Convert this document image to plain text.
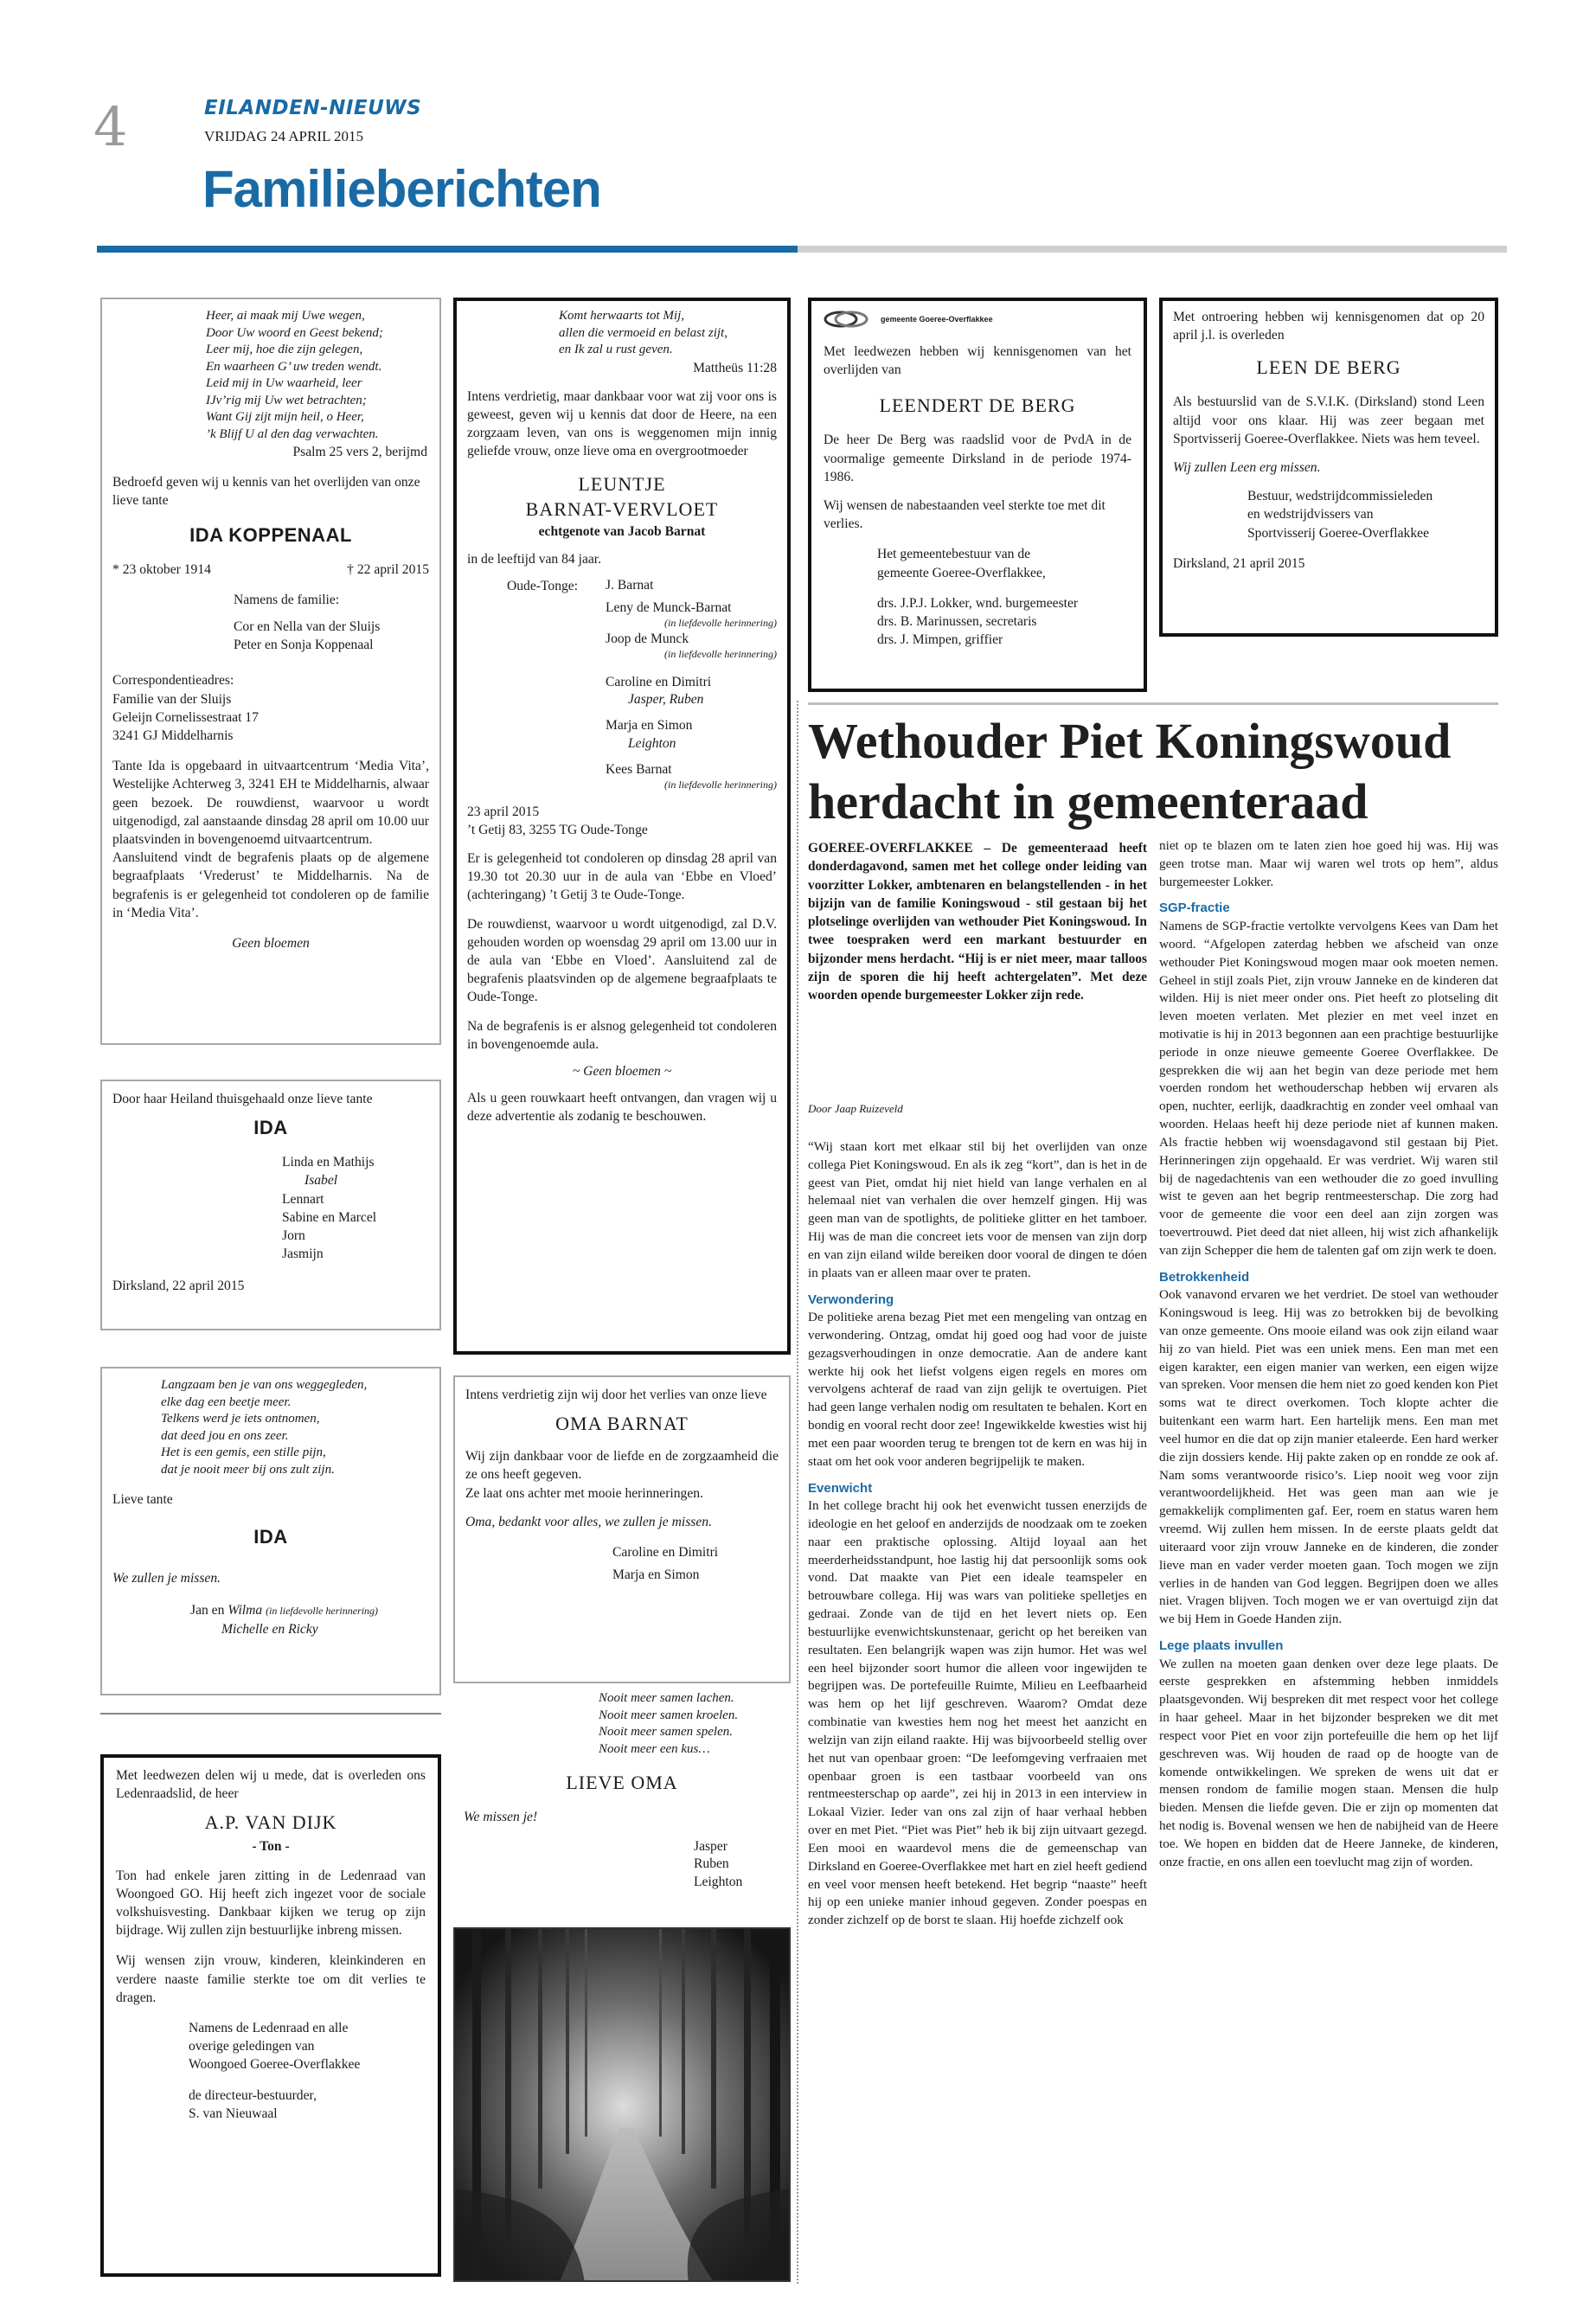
4	EILANDEN-NIEUWS
VRIJDAG 24 APRIL 2015
Familieberichten
Heer, ai maak mij Uwe wegen,
Door Uw woord en Geest bekend;
Leer mij, hoe die zijn gelegen,
En waarheen G’ uw treden wendt.
Leid mij in Uw waarheid, leer
IJv’rig mij Uw wet betrachten;
Want Gij zijt mijn heil, o Heer,
’k Blijf U al den dag verwachten.
Psalm 25 vers 2, berijmd

Bedroefd geven wij u kennis van het overlijden van onze lieve tante

IDA KOPPENAAL
* 23 oktober 1914	† 22 april 2015
Namens de familie:
Cor en Nella van der Sluijs
Peter en Sonja Koppenaal
Correspondentieadres:
Familie van der Sluijs
Geleijn Cornelissestraat 17
3241 GJ Middelharnis
Tante Ida is opgebaard in uitvaartcentrum ‘Media Vita’, Westelijke Achterweg 3, 3241 EH te Middelharnis, alwaar geen bezoek. De rouwdienst, waarvoor u wordt uitgenodigd, zal aanstaande dinsdag 28 april om 10.00 uur plaatsvinden in bovengenoemd uitvaartcentrum.
Aansluitend vindt de begrafenis plaats op de algemene begraafplaats ‘Vrederust’ te Middelharnis. Na de begrafenis is er gelegenheid tot condoleren op de familie in ‘Media Vita’.
Geen bloemen

Door haar Heiland thuisgehaald onze lieve tante

IDA
Linda en Mathijs
Isabel
Lennart
Sabine en Marcel
Jorn
Jasmijn
Dirksland, 22 april 2015
Langzaam ben je van ons weggegleden,
elke dag een beetje meer.
Telkens werd je iets ontnomen,
dat deed jou en ons zeer.
Het is een gemis, een stille pijn,
dat je nooit meer bij ons zult zijn.
Lieve tante
IDA
We zullen je missen.
Jan en Wilma (in liefdevolle herinnering)
Michelle en Ricky

Met leedwezen delen wij u mede, dat is overleden ons Ledenraadslid, de heer

A.P. VAN DIJK
- Ton -

Ton had enkele jaren zitting in de Ledenraad van Woongoed GO. Hij heeft zich ingezet voor de sociale volkshuisvesting. Dankbaar kijken we terug op zijn bijdrage. Wij zullen zijn bestuurlijke inbreng missen.

Wij wensen zijn vrouw, kinderen, kleinkinderen en verdere naaste familie sterkte toe om dit verlies te dragen.

Namens de Ledenraad en alle
overige geledingen van
Woongoed Goeree-Overflakkee
de directeur-bestuurder,
S. van Nieuwaal
Komt herwaarts tot Mij,
allen die vermoeid en belast zijt,
en Ik zal u rust geven.
Mattheüs 11:28

Intens verdrietig, maar dankbaar voor wat zij voor ons is geweest, geven wij u kennis dat door de Heere, na een zorgzaam leven, van ons is weggenomen mijn innig geliefde vrouw, onze lieve oma en overgrootmoeder

LEUNTJE
BARNAT-VERVLOET
echtgenote van Jacob Barnat
in de leeftijd van 84 jaar.
Oude-Tonge:	J. Barnat
Leny de Munck-Barnat
(in liefdevolle herinnering)
Joop de Munck
(in liefdevolle herinnering)
Caroline en Dimitri
Jasper, Ruben
Marja en Simon
Leighton
Kees Barnat
(in liefdevolle herinnering)
23 april 2015
’t Getij 83, 3255 TG Oude-Tonge

Er is gelegenheid tot condoleren op dinsdag 28 april van 19.30 tot 20.30 uur in de aula van ‘Ebbe en Vloed’ (achteringang) ’t Getij 3 te Oude-Tonge.

De rouwdienst, waarvoor u wordt uitgenodigd, zal D.V. gehouden worden op woensdag 29 april om 13.00 uur in de aula van ‘Ebbe en Vloed’. Aansluitend zal de begrafenis plaatsvinden op de algemene begraafplaats te Oude-Tonge.

Na de begrafenis is er alsnog gelegenheid tot condoleren in bovengenoemde aula.

~ Geen bloemen ~

Als u geen rouwkaart heeft ontvangen, dan vragen wij u deze advertentie als zodanig te beschouwen.

Intens verdrietig zijn wij door het verlies van onze lieve

OMA BARNAT
Wij zijn dankbaar voor de liefde en de zorgzaamheid die ze ons heeft gegeven.
Ze laat ons achter met mooie herinneringen.
Oma, bedankt voor alles, we zullen je missen.
Caroline en Dimitri
Marja en Simon
Nooit meer samen lachen.
Nooit meer samen kroelen.
Nooit meer samen spelen.
Nooit meer een kus…
LIEVE OMA
We missen je!
Jasper
Ruben
Leighton
gemeente Goeree-Overflakkee

Met leedwezen hebben wij kennisgenomen van het overlijden van

LEENDERT DE BERG

De heer De Berg was raadslid voor de PvdA in de voormalige gemeente Dirksland in de periode 1974-1986.

Wij wensen de nabestaanden veel sterkte toe met dit verlies.

Het gemeentebestuur van de
gemeente Goeree-Overflakkee,
drs. J.P.J. Lokker, wnd. burgemeester
drs. B. Marinussen, secretaris
drs. J. Mimpen, griffier

Met ontroering hebben wij kennisgenomen dat op 20 april j.l. is overleden

LEEN DE BERG

Als bestuurslid van de S.V.I.K. (Dirksland) stond Leen altijd voor ons klaar. Hij was zeer begaan met Sportvisserij Goeree-Overflakkee. Niets was hem teveel.

Wij zullen Leen erg missen.

Bestuur, wedstrijdcommissieleden
en wedstrijdvissers van
Sportvisserij Goeree-Overflakkee
Dirksland, 21 april 2015
Wethouder Piet Koningswoud herdacht in gemeenteraad
GOEREE-OVERFLAKKEE – De gemeenteraad heeft donderdagavond, samen met het college onder leiding van voorzitter Lokker, ambtenaren en belangstellenden - in het bijzijn van de familie Koningswoud - stil gestaan bij het plotselinge overlijden van wethouder Piet Koningswoud. In twee toespraken werd een markant bestuurder en bijzonder mens herdacht. “Hij is er niet meer, maar talloos zijn de sporen die hij heeft achtergelaten”. Met deze woorden opende burgemeester Lokker zijn rede.
Door Jaap Ruizeveld

“Wij staan kort met elkaar stil bij het overlijden van onze collega Piet Koningswoud. En als ik zeg “kort”, dan is het in de geest van Piet, omdat hij niet hield van lange verhalen en al helemaal niet van verhalen die over hemzelf gingen. Hij was geen man van de spotlights, de politieke glitter en het tamboer. Hij was de man die concreet iets voor de mensen van zijn dorp en van zijn eiland wilde bereiken door vooral de dingen te dóen in plaats van er alleen maar over te praten.

Verwondering

De politieke arena bezag Piet met een mengeling van ontzag en verwondering. Ontzag, omdat hij goed oog had voor de juiste gezagsverhoudingen in onze democratie. Aan de andere kant werkte hij ook het liefst volgens eigen regels en mores om vervolgens achteraf de raad van zijn gelijk te overtuigen. Piet had geen lange verhalen nodig om resultaten te behalen. Kort en bondig en vooral recht door zee! Ingewikkelde kwesties wist hij met een paar woorden terug te brengen tot de kern en was hij in staat om het ook voor anderen begrijpelijk te maken.

Evenwicht

In het college bracht hij ook het evenwicht tussen enerzijds de ideologie en het geloof en anderzijds de noodzaak om te zoeken naar een praktische oplossing. Altijd loyaal aan het meerderheidsstandpunt, hoe lastig hij dat persoonlijk soms ook vond. Dat maakte van Piet een ideale teamspeler en betrouwbare collega. Hij was wars van politieke spelletjes en gedraai. Zonde van de tijd en het levert niets op. Een bestuurlijke evenwichtskunstenaar, gericht op het bereiken van resultaten. Een belangrijk wapen was zijn humor. Het was wel een heel bijzonder soort humor die alleen voor ingewijden te begrijpen was. De portefeuille Ruimte, Milieu en Leefbaarheid was hem op het lijf geschreven. Waarom? Omdat deze combinatie van kwesties hem nog het meest het aanzicht en welzijn van zijn eiland raakte. Hij was bijvoorbeeld stellig over het nut van openbaar groen: “De leefomgeving verfraaien met openbaar groen is een tastbaar voorbeeld van ons rentmeesterschap op aarde”, zei hij in 2013 in een interview in Lokaal Vizier. Ieder van ons zal zijn of haar verhaal hebben over en met Piet. “Piet was Piet” heb ik bij zijn uitvaart gezegd. Een mooi en waardevol mens die de gemeenschap van Dirksland en Goeree-Overflakkee met hart en ziel heeft gediend en veel voor mensen heeft betekend. Het begrip “naaste” heeft hij op een unieke manier inhoud gegeven. Zonder poespas en zonder zichzelf op de borst te slaan. Hij hoefde zichzelf ook

niet op te blazen om te laten zien hoe goed hij was. Hij was geen trotse man. Maar wij waren wel trots op hem”, aldus burgemeester Lokker.

SGP-fractie

Namens de SGP-fractie vertolkte vervolgens Kees van Dam het woord. “Afgelopen zaterdag hebben we afscheid van onze wethouder Piet Koningswoud mogen maar ook moeten nemen. Geheel in stijl zoals Piet, zijn vrouw Janneke en de kinderen dat wilden. Hij is niet meer onder ons. Piet heeft zo plotseling dit leven moeten verlaten. Met plezier en met veel inzet en motivatie is hij in 2013 begonnen aan een prachtige bestuurlijke periode in onze nieuwe gemeente Goeree Overflakkee. De gesprekken die wij aan het begin van deze periode met hem voerden rondom het wethouderschap hebben wij ervaren als open, nuchter, eerlijk, daadkrachtig en zonder veel omhaal van woorden. Helaas heeft hij deze periode niet af kunnen maken. Als fractie hebben wij woensdagavond stil gestaan bij Piet. Herinneringen zijn opgehaald. Er was verdriet. Wij waren stil bij de nagedachtenis van een wethouder die zo goed invulling wist te geven aan het begrip rentmeesterschap. Die zorg had voor de gemeente die voor een deel aan zijn zorgen was toevertrouwd. Piet deed dat niet alleen, hij wist zich afhankelijk van zijn Schepper die hem de talenten gaf om zijn werk te doen.

Betrokkenheid

Ook vanavond ervaren we het verdriet. De stoel van wethouder Koningswoud is leeg. Hij was zo betrokken bij de bevolking van onze gemeente. Ons mooie eiland was ook zijn eiland waar hij zo van hield. Piet was een uniek mens. Een man met een eigen karakter, een eigen manier van werken, een eigen wijze van spreken. Voor mensen die hem niet zo goed kenden kon Piet soms wat te direct overkomen. Toch klopte achter die buitenkant een warm hart. Een hartelijk mens. Een man met veel humor en die dat op zijn manier etaleerde. Een hard werker die zijn dossiers kende. Hij pakte zaken op en rondde ze ook af. Nam soms verantwoorde risico’s. Liep nooit weg voor zijn verantwoordelijkheid. Het was geen man aan wie je gemakkelijk complimenten gaf. Eer, roem en status waren hem vreemd. Wij zullen hem missen. In de eerste plaats geldt dat uiteraard voor zijn vrouw Janneke en de kinderen, die zonder lieve man en vader verder moeten gaan. Toch mogen we zijn verlies in de handen van God leggen. Begrijpen doen we alles niet. Vragen blijven. Toch mogen we er van overtuigd zijn dat we bij Hem in Goede Handen zijn.

Lege plaats invullen

We zullen na moeten gaan denken over deze lege plaats. De eerste gesprekken en afstemming hebben inmiddels plaatsgevonden. Wij bespreken dit met respect voor het college in haar geheel. Maar in het bijzonder bespreken we dit met respect voor Piet en voor zijn portefeuille die hem op het lijf geschreven was. Wij houden de raad op de hoogte van de komende ontwikkelingen. We spreken de wens uit dat er mensen rondom de familie mogen staan. Mensen die hulp bieden. Mensen die liefde geven. Die er zijn op momenten dat het nodig is. Bovenal wensen we hen de nabijheid van de Heere toe. We hopen en bidden dat de Heere Janneke, de kinderen, onze fractie, en ons allen een toevlucht mag zijn of worden.
